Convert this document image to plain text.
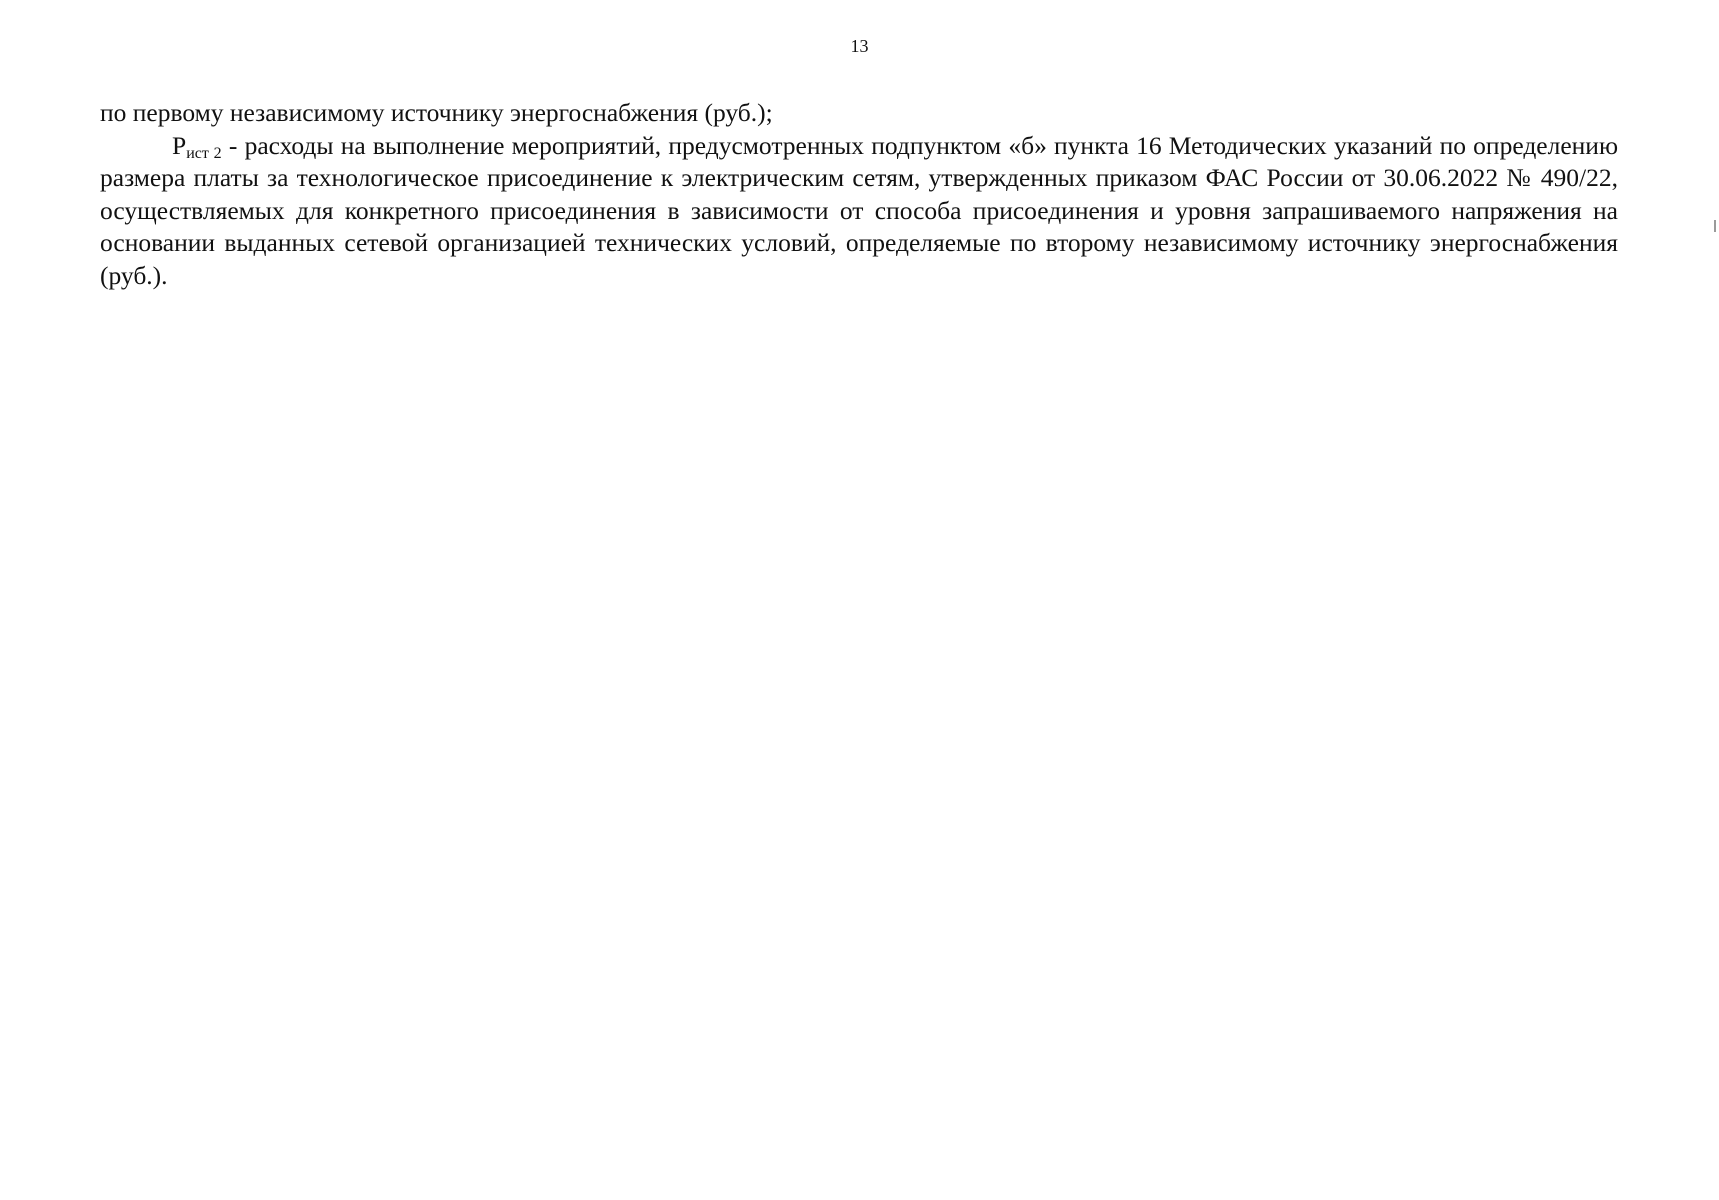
13

по первому независимому источнику энергоснабжения (руб.);

Pист 2 - расходы на выполнение мероприятий, предусмотренных подпунктом «б» пункта 16 Методических указаний по определению размера платы за технологическое присоединение к электрическим сетям, утвержденных приказом ФАС России от 30.06.2022 № 490/22, осуществляемых для конкретного присоединения в зависимости от способа присоединения и уровня запрашиваемого напряжения на основании выданных сетевой организацией технических условий, определяемые по второму независимому источнику энергоснабжения (руб.).
